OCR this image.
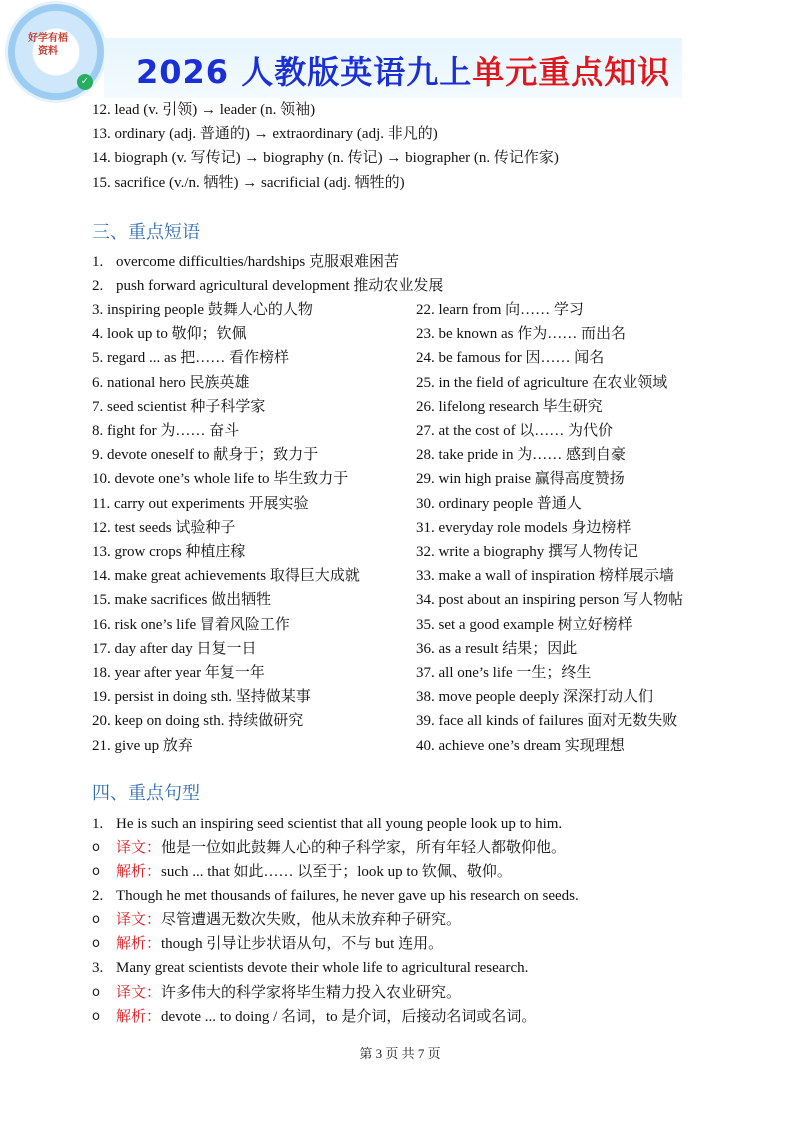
好学有梧
资料
✓ 2026 人教版英语九上单元重点知识
12. lead (v. 引领) → leader (n. 领袖)
13. ordinary (adj. 普通的) → extraordinary (adj. 非凡的)
14. biograph (v. 写传记) → biography (n. 传记) → biographer (n. 传记作家)
15. sacrifice (v./n. 牺牲) → sacrificial (adj. 牺牲的)
三、重点短语
1. overcome difficulties/hardships 克服艰难困苦
2. push forward agricultural development 推动农业发展
3. inspiring people 鼓舞人心的人物
4. look up to 敬仰；钦佩
5. regard ... as 把…… 看作榜样
6. national hero 民族英雄
7. seed scientist 种子科学家
8. fight for 为…… 奋斗
9. devote oneself to 献身于；致力于
10. devote one’s whole life to 毕生致力于
11. carry out experiments 开展实验
12. test seeds 试验种子
13. grow crops 种植庄稼
14. make great achievements 取得巨大成就
15. make sacrifices 做出牺牲
16. risk one’s life 冒着风险工作
17. day after day 日复一日
18. year after year 年复一年
19. persist in doing sth. 坚持做某事
20. keep on doing sth. 持续做研究
21. give up 放弃
22. learn from 向…… 学习
23. be known as 作为…… 而出名
24. be famous for 因…… 闻名
25. in the field of agriculture 在农业领域
26. lifelong research 毕生研究
27. at the cost of 以…… 为代价
28. take pride in 为…… 感到自豪
29. win high praise 赢得高度赞扬
30. ordinary people 普通人
31. everyday role models 身边榜样
32. write a biography 撰写人物传记
33. make a wall of inspiration 榜样展示墙
34. post about an inspiring person 写人物帖
35. set a good example 树立好榜样
36. as a result 结果；因此
37. all one’s life 一生；终生
38. move people deeply 深深打动人们
39. face all kinds of failures 面对无数失败
40. achieve one’s dream 实现理想
四、重点句型
1. He is such an inspiring seed scientist that all young people look up to him.
o 译文：他是一位如此鼓舞人心的种子科学家，所有年轻人都敬仰他。
o 解析：such ... that 如此…… 以至于；look up to 钦佩、敬仰。
2. Though he met thousands of failures, he never gave up his research on seeds.
o 译文：尽管遭遇无数次失败，他从未放弃种子研究。
o 解析：though 引导让步状语从句，不与 but 连用。
3. Many great scientists devote their whole life to agricultural research.
o 译文：许多伟大的科学家将毕生精力投入农业研究。
o 解析：devote ... to doing / 名词，to 是介词，后接动名词或名词。
第 3 页 共 7 页
